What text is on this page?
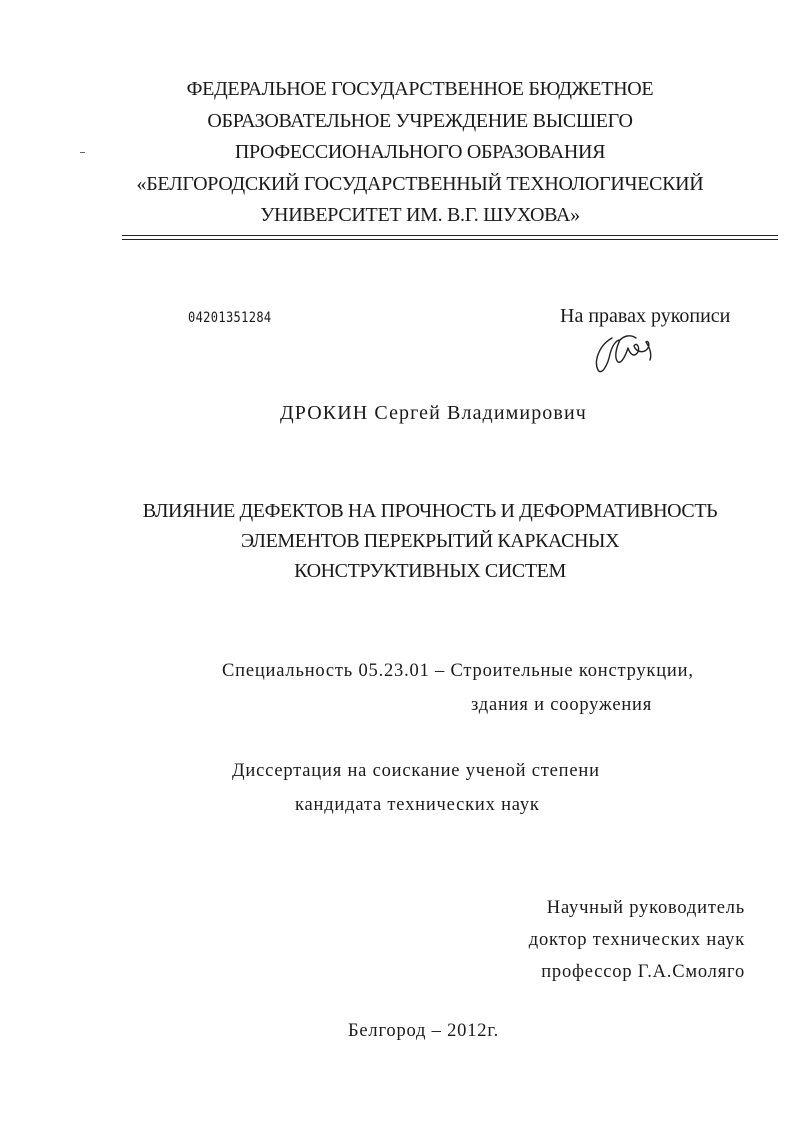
ФЕДЕРАЛЬНОЕ ГОСУДАРСТВЕННОЕ БЮДЖЕТНОЕ
ОБРАЗОВАТЕЛЬНОЕ УЧРЕЖДЕНИЕ ВЫСШЕГО
ПРОФЕССИОНАЛЬНОГО ОБРАЗОВАНИЯ
«БЕЛГОРОДСКИЙ ГОСУДАРСТВЕННЫЙ ТЕХНОЛОГИЧЕСКИЙ
УНИВЕРСИТЕТ ИМ. В.Г. ШУХОВА»
04201351284	На правах рукописи
ДРОКИН Сергей Владимирович
ВЛИЯНИЕ ДЕФЕКТОВ НА ПРОЧНОСТЬ И ДЕФОРМАТИВНОСТЬ
ЭЛЕМЕНТОВ ПЕРЕКРЫТИЙ КАРКАСНЫХ
КОНСТРУКТИВНЫХ СИСТЕМ
Специальность 05.23.01 – Строительные конструкции,
здания и сооружения
Диссертация на соискание ученой степени
кандидата технических наук
Научный руководитель
доктор технических наук
профессор Г.А.Смоляго
Белгород – 2012г.
